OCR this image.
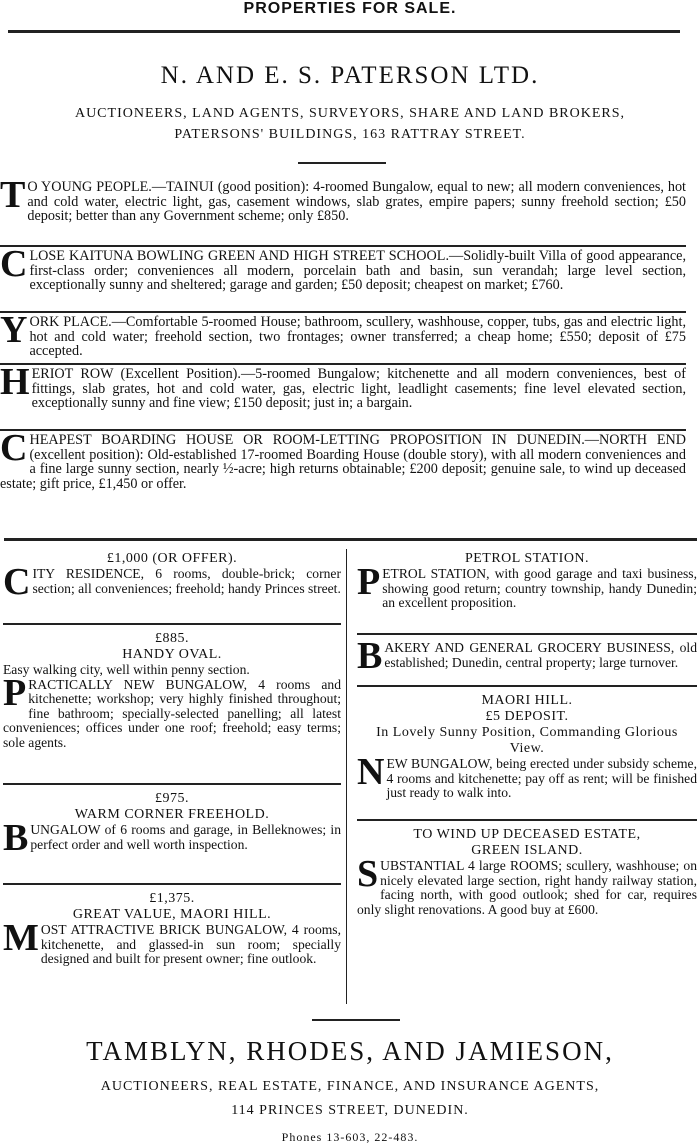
PROPERTIES FOR SALE.
N. AND E. S. PATERSON LTD.
AUCTIONEERS, LAND AGENTS, SURVEYORS, SHARE AND LAND BROKERS,
PATERSONS' BUILDINGS, 163 RATTRAY STREET.
T O YOUNG PEOPLE.—TAINUI (good position): 4-roomed Bungalow, equal to new; all modern conveniences, hot and cold water, electric light, gas, casement windows, slab grates, empire papers; sunny freehold section; £50 deposit; better than any Government scheme; only £850.
CLOSE KAITUNA BOWLING GREEN AND HIGH STREET SCHOOL.—Solidly-built Villa of good appearance, first-class order; conveniences all modern, porcelain bath and basin, sun verandah; large level section, exceptionally sunny and sheltered; garage and garden; £50 deposit; cheapest on market; £760.
YORK PLACE.—Comfortable 5-roomed House; bathroom, scullery, washhouse, copper, tubs, gas and electric light, hot and cold water; freehold section, two frontages; owner transferred; a cheap home; £550; deposit of £75 accepted.
HERIOT ROW (Excellent Position).—5-roomed Bungalow; kitchenette and all modern conveniences, best of fittings, slab grates, hot and cold water, gas, electric light, leadlight casements; fine level elevated section, exceptionally sunny and fine view; £150 deposit; just in; a bargain.
CHEAPEST BOARDING HOUSE OR ROOM-LETTING PROPOSITION IN DUNEDIN.—NORTH END (excellent position): Old-established 17-roomed Boarding House (double story), with all modern conveniences and a fine large sunny section, nearly ½-acre; high returns obtainable; £200 deposit; genuine sale, to wind up deceased estate; gift price, £1,450 or offer.
£1,000 (OR OFFER).
CITY RESIDENCE, 6 rooms, double-brick; corner section; all conveniences; freehold; handy Princes street.
£885.
HANDY OVAL.
Easy walking city, well within penny section.
PRACTICALLY NEW BUNGALOW, 4 rooms and kitchenette; workshop; very highly finished throughout; fine bathroom; specially-selected panelling; all latest conveniences; offices under one roof; freehold; easy terms; sole agents.
£975.
WARM CORNER FREEHOLD.
BUNGALOW of 6 rooms and garage, in Belleknowes; in perfect order and well worth inspection.
£1,375.
GREAT VALUE, MAORI HILL.
MOST ATTRACTIVE BRICK BUNGALOW, 4 rooms, kitchenette, and glassed-in sun room; specially designed and built for present owner; fine outlook.
PETROL STATION.
PETROL STATION, with good garage and taxi business, showing good return; country township, handy Dunedin; an excellent proposition.
BAKERY AND GENERAL GROCERY BUSINESS, old established; Dunedin, central property; large turnover.
MAORI HILL.
£5 DEPOSIT.
In Lovely Sunny Position, Commanding Glorious View.
NEW BUNGALOW, being erected under subsidy scheme, 4 rooms and kitchenette; pay off as rent; will be finished just ready to walk into.
TO WIND UP DECEASED ESTATE,
GREEN ISLAND.
SUBSTANTIAL 4 large ROOMS; scullery, washhouse; on nicely elevated large section, right handy railway station, facing north, with good outlook; shed for car, requires only slight renovations. A good buy at £600.
TAMBLYN, RHODES, AND JAMIESON,
AUCTIONEERS, REAL ESTATE, FINANCE, AND INSURANCE AGENTS,
114 PRINCES STREET, DUNEDIN.
Phones 13-603, 22-483.
